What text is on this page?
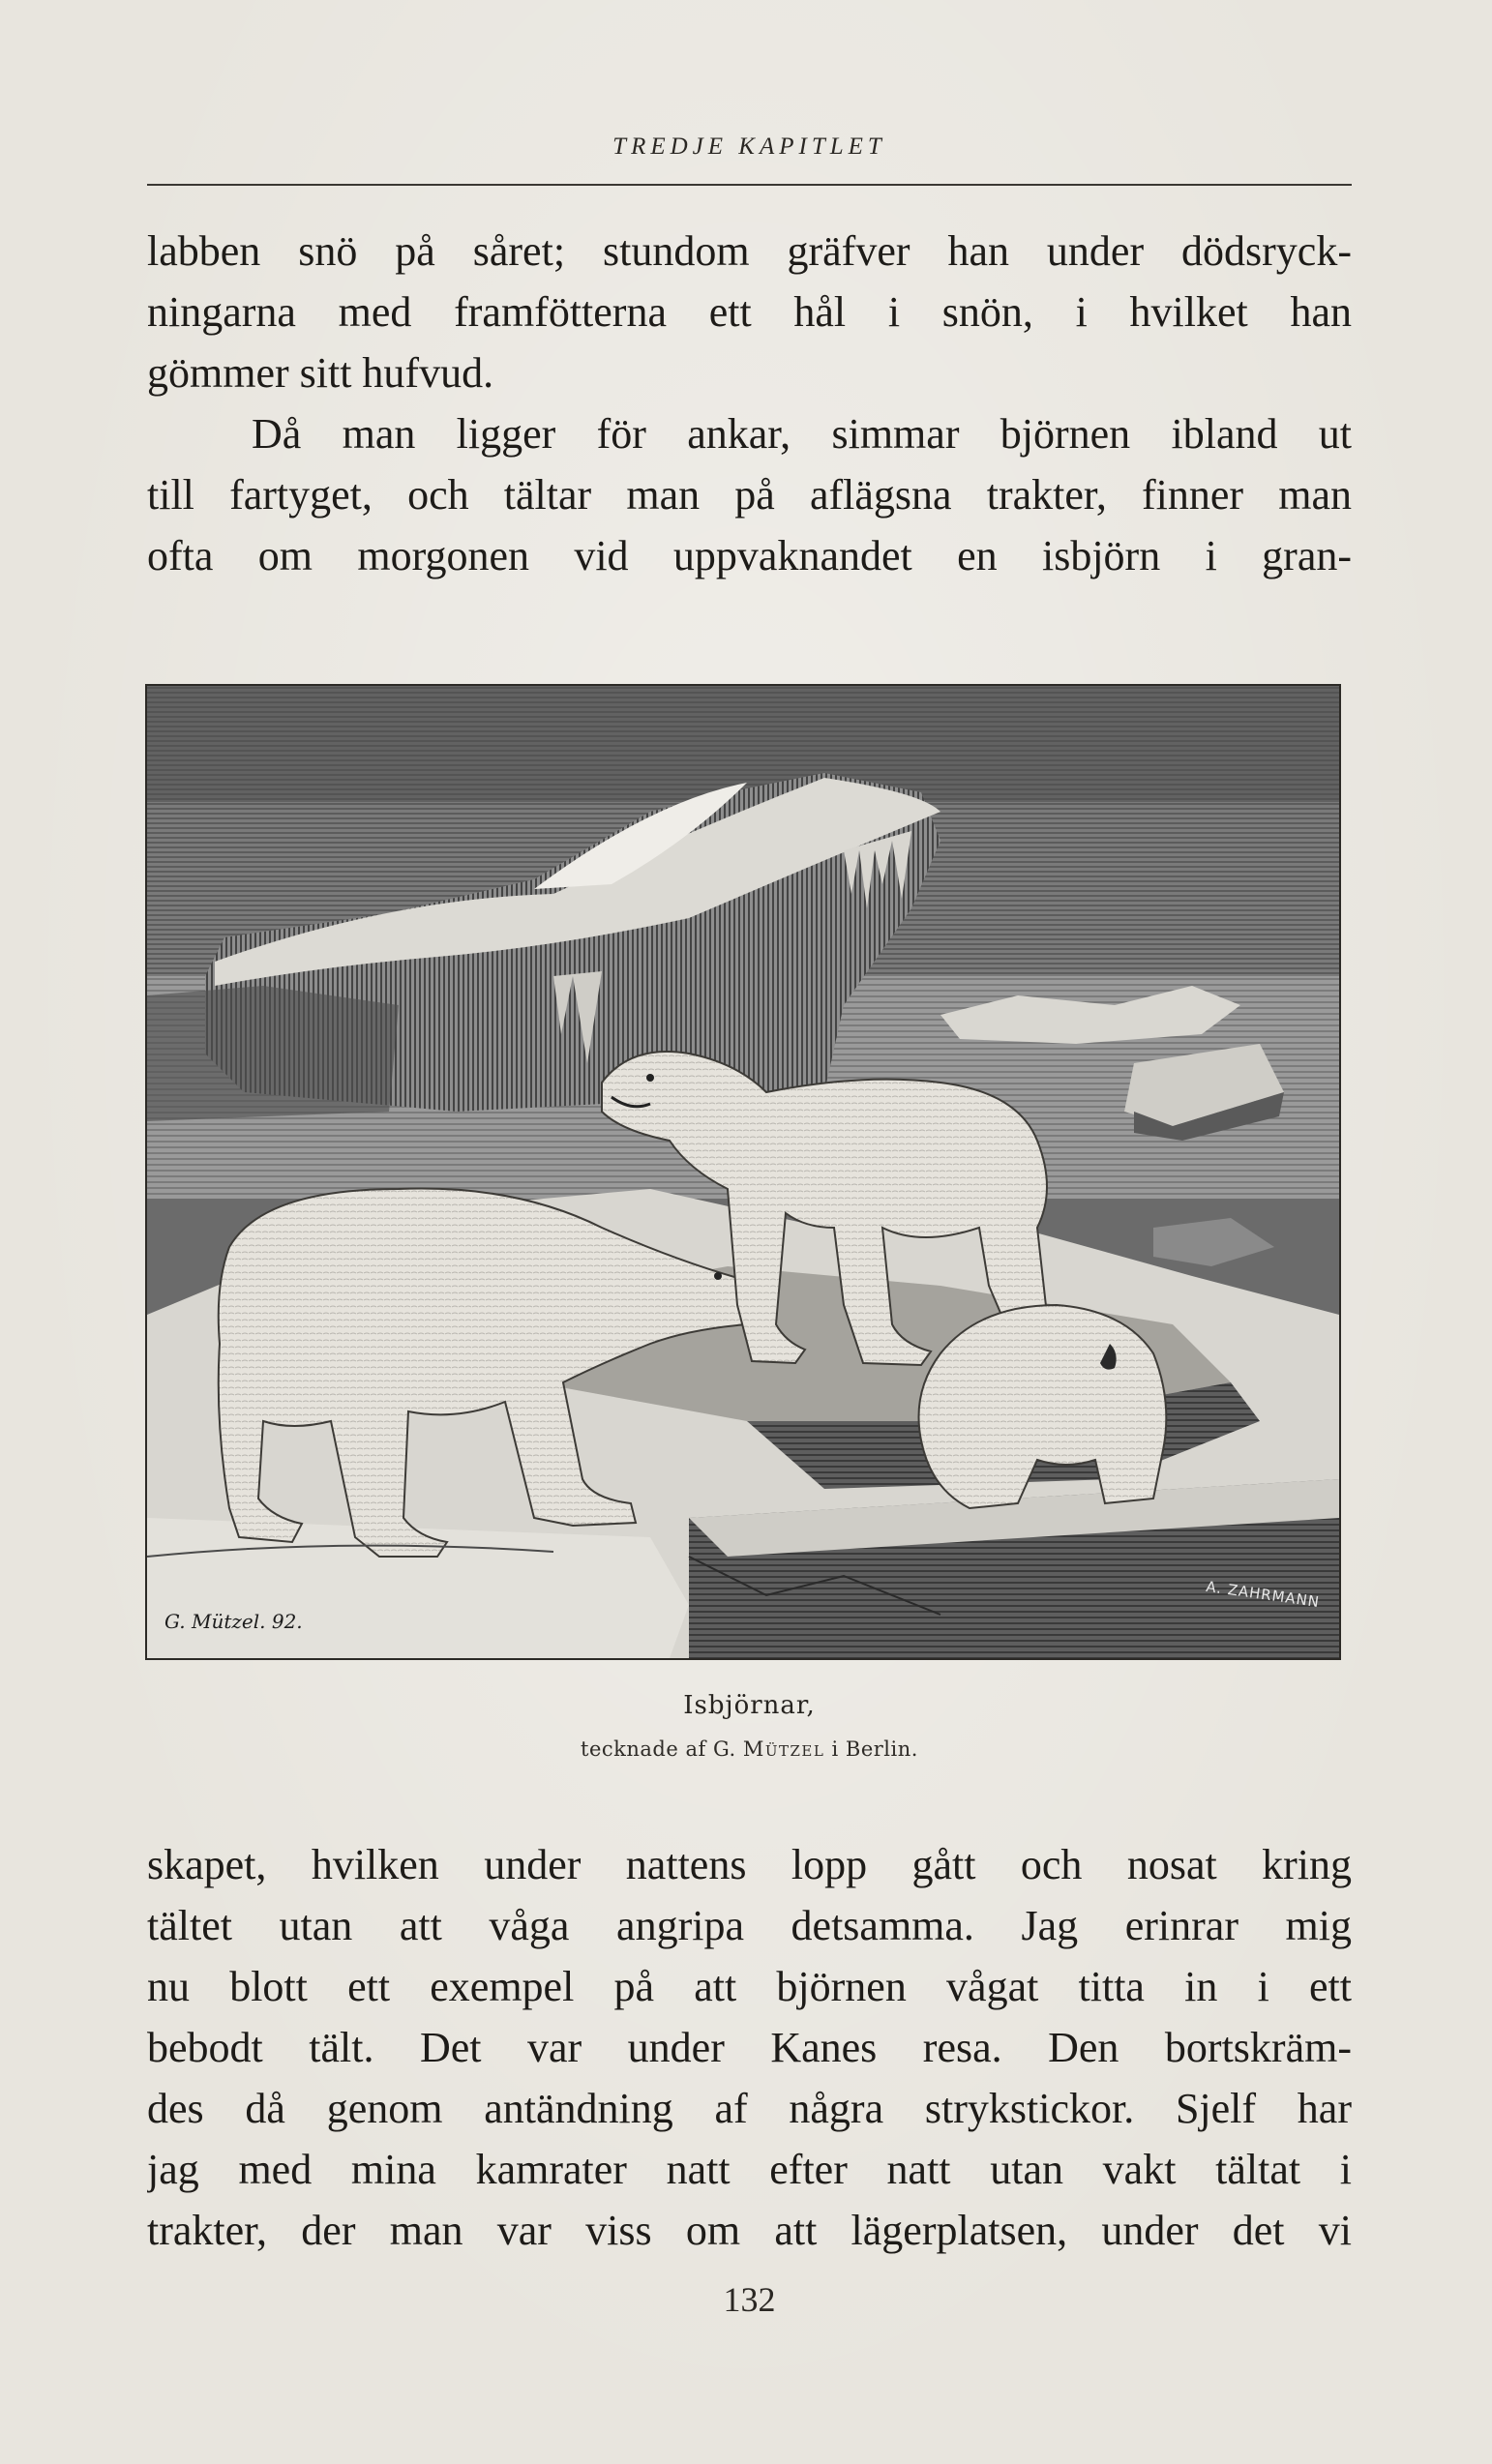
TREDJE KAPITLET
labben snö på såret; stundom gräfver han under dödsryck-
ningarna med framfötterna ett hål i snön, i hvilket han
gömmer sitt hufvud.
Då man ligger för ankar, simmar björnen ibland ut
till fartyget, och tältar man på aflägsna trakter, finner man
ofta om morgonen vid uppvaknandet en isbjörn i gran-
G. Mützel. 92.
A. ZAHRMANN
Isbjörnar,
tecknade af G. Mützel i Berlin.
skapet, hvilken under nattens lopp gått och nosat kring
tältet utan att våga angripa detsamma. Jag erinrar mig
nu blott ett exempel på att björnen vågat titta in i ett
bebodt tält. Det var under Kanes resa. Den bortskräm-
des då genom antändning af några strykstickor. Sjelf har
jag med mina kamrater natt efter natt utan vakt tältat i
trakter, der man var viss om att lägerplatsen, under det vi
132
